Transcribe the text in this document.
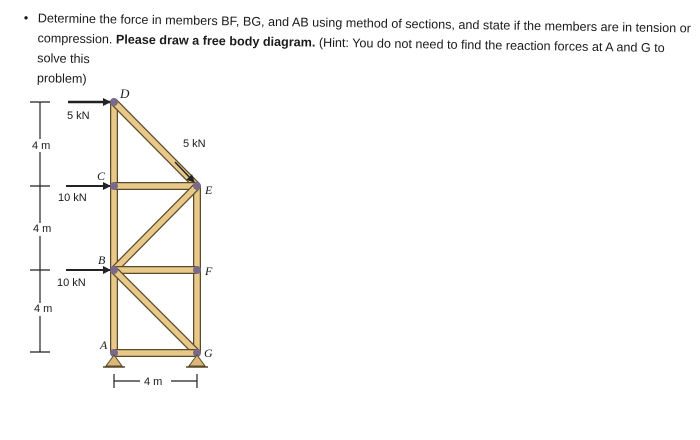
• Determine the force in members BF, BG, and AB using method of sections, and state if the members are in tension or

compression. Please draw a free body diagram. (Hint: You do not need to find the reaction forces at A and G to solve this

problem)

D
C
E
B
F
A
G
5 kN
5 kN
10 kN
10 kN
4 m
4 m
4 m
4 m
